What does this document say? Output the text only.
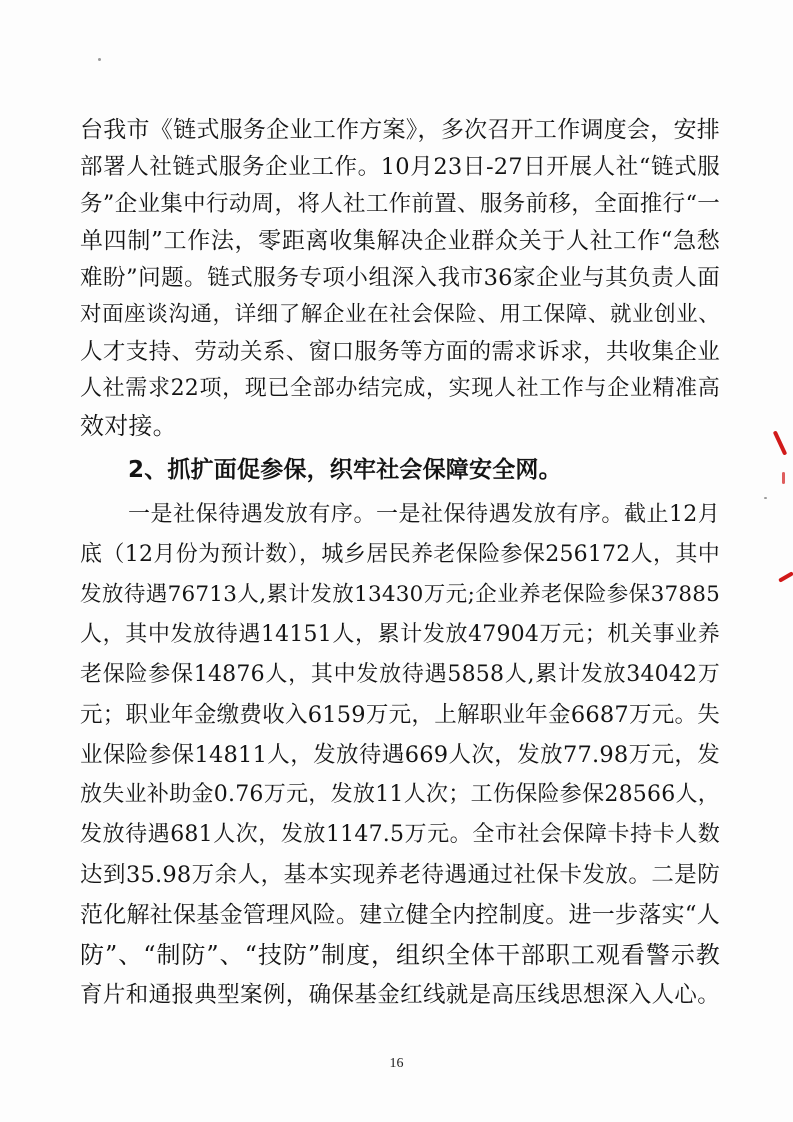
台我市《链式服务企业工作方案》，多次召开工作调度会，安排
部署人社链式服务企业工作。10月23日-27日开展人社“链式服
务”企业集中行动周，将人社工作前置、服务前移，全面推行“一
单四制”工作法，零距离收集解决企业群众关于人社工作“急愁
难盼”问题。链式服务专项小组深入我市36家企业与其负责人面
对面座谈沟通，详细了解企业在社会保险、用工保障、就业创业、
人才支持、劳动关系、窗口服务等方面的需求诉求，共收集企业
人社需求22项，现已全部办结完成，实现人社工作与企业精准高
效对接。
2、抓扩面促参保，织牢社会保障安全网。
一是社保待遇发放有序。一是社保待遇发放有序。截止12月
底（12月份为预计数），城乡居民养老保险参保256172人，其中
发放待遇76713人,累计发放13430万元;企业养老保险参保37885
人，其中发放待遇14151人，累计发放47904万元；机关事业养
老保险参保14876人，其中发放待遇5858人,累计发放34042万
元；职业年金缴费收入6159万元，上解职业年金6687万元。失
业保险参保14811人，发放待遇669人次，发放77.98万元，发
放失业补助金0.76万元，发放11人次；工伤保险参保28566人，
发放待遇681人次，发放1147.5万元。全市社会保障卡持卡人数
达到35.98万余人，基本实现养老待遇通过社保卡发放。二是防
范化解社保基金管理风险。建立健全内控制度。进一步落实“人
防”、“制防”、“技防”制度，组织全体干部职工观看警示教
育片和通报典型案例，确保基金红线就是高压线思想深入人心。
16
